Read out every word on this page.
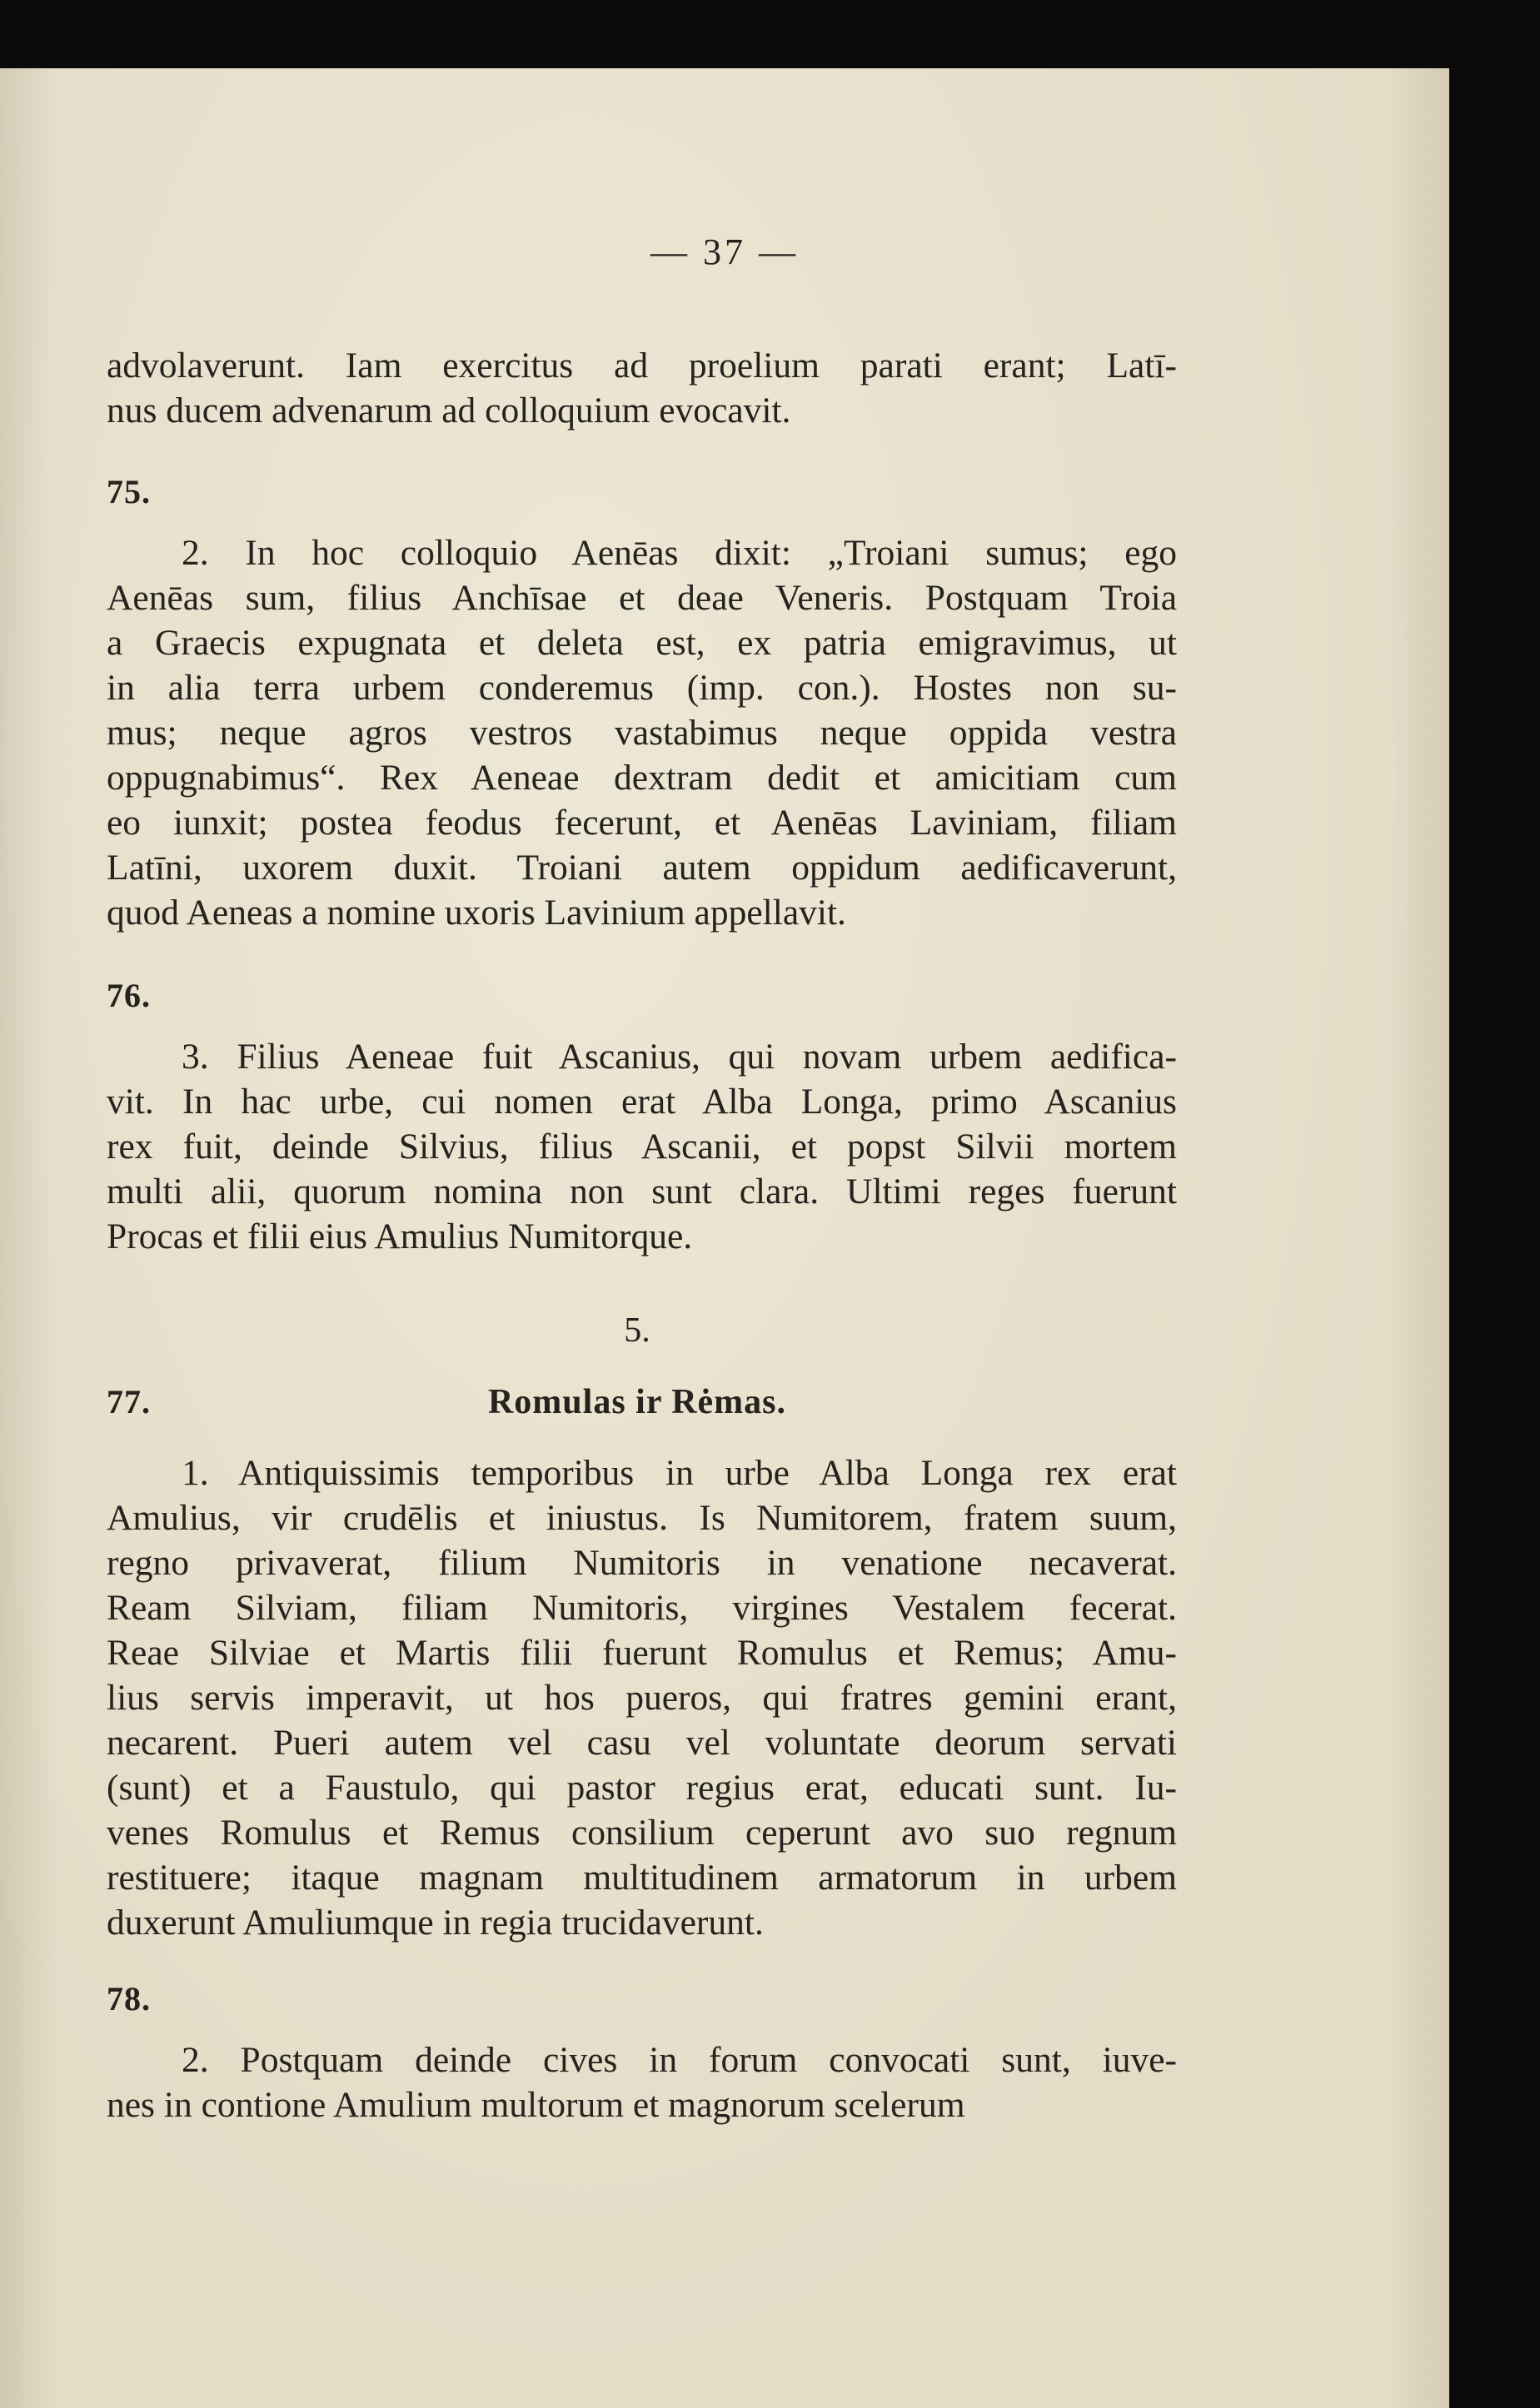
— 37 —

advolaverunt. Iam exercitus ad proelium parati erant; Latī-

nus ducem advenarum ad colloquium evocavit.

75.

2. In hoc colloquio Aenēas dixit: „Troiani sumus; ego

Aenēas sum, filius Anchīsae et deae Veneris. Postquam Troia

a Graecis expugnata et deleta est, ex patria emigravimus, ut

in alia terra urbem conderemus (imp. con.). Hostes non su-

mus; neque agros vestros vastabimus neque oppida vestra

oppugnabimus“. Rex Aeneae dextram dedit et amicitiam cum

eo iunxit; postea feodus fecerunt, et Aenēas Laviniam, filiam

Latīni, uxorem duxit. Troiani autem oppidum aedificaverunt,

quod Aeneas a nomine uxoris Lavinium appellavit.

76.

3. Filius Aeneae fuit Ascanius, qui novam urbem aedifica-

vit. In hac urbe, cui nomen erat Alba Longa, primo Ascanius

rex fuit, deinde Silvius, filius Ascanii, et popst Silvii mortem

multi alii, quorum nomina non sunt clara. Ultimi reges fuerunt

Procas et filii eius Amulius Numitorque.

5.
77.	Romulas ir Rėmas.

1. Antiquissimis temporibus in urbe Alba Longa rex erat

Amulius, vir crudēlis et iniustus. Is Numitorem, fratem suum,

regno privaverat, filium Numitoris in venatione necaverat.

Ream Silviam, filiam Numitoris, virgines Vestalem fecerat.

Reae Silviae et Martis filii fuerunt Romulus et Remus; Amu-

lius servis imperavit, ut hos pueros, qui fratres gemini erant,

necarent. Pueri autem vel casu vel voluntate deorum servati

(sunt) et a Faustulo, qui pastor regius erat, educati sunt. Iu-

venes Romulus et Remus consilium ceperunt avo suo regnum

restituere; itaque magnam multitudinem armatorum in urbem

duxerunt Amuliumque in regia trucidaverunt.

78.

2. Postquam deinde cives in forum convocati sunt, iuve-

nes in contione Amulium multorum et magnorum scelerum
